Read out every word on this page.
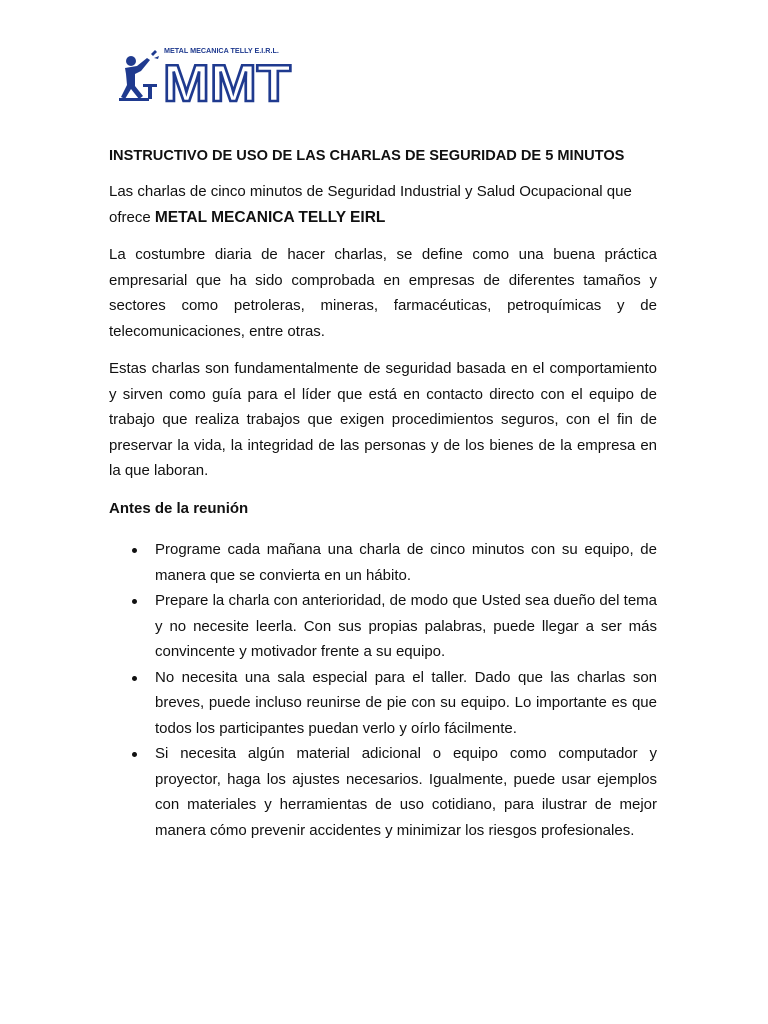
METAL MECANICA TELLY E.I.R.L.
MMT
INSTRUCTIVO DE USO DE LAS CHARLAS DE SEGURIDAD DE 5 MINUTOS

Las charlas de cinco minutos de Seguridad Industrial y Salud Ocupacional que ofrece METAL MECANICA TELLY EIRL

La costumbre diaria de hacer charlas, se define como una buena práctica empresarial que ha sido comprobada en empresas de diferentes tamaños y sectores como petroleras, mineras, farmacéuticas, petroquímicas y de telecomunicaciones, entre otras.

Estas charlas son fundamentalmente de seguridad basada en el comportamiento y sirven como guía para el líder que está en contacto directo con el equipo de trabajo que realiza trabajos que exigen procedimientos seguros, con el fin de preservar la vida, la integridad de las personas y de los bienes de la empresa en la que laboran.

Antes de la reunión
Programe cada mañana una charla de cinco minutos con su equipo, de manera que se convierta en un hábito.
Prepare la charla con anterioridad, de modo que Usted sea dueño del tema y no necesite leerla. Con sus propias palabras, puede llegar a ser más convincente y motivador frente a su equipo.
No necesita una sala especial para el taller. Dado que las charlas son breves, puede incluso reunirse de pie con su equipo. Lo importante es que todos los participantes puedan verlo y oírlo fácilmente.
Si necesita algún material adicional o equipo como computador y proyector, haga los ajustes necesarios. Igualmente, puede usar ejemplos con materiales y herramientas de uso cotidiano, para ilustrar de mejor manera cómo prevenir accidentes y minimizar los riesgos profesionales.
